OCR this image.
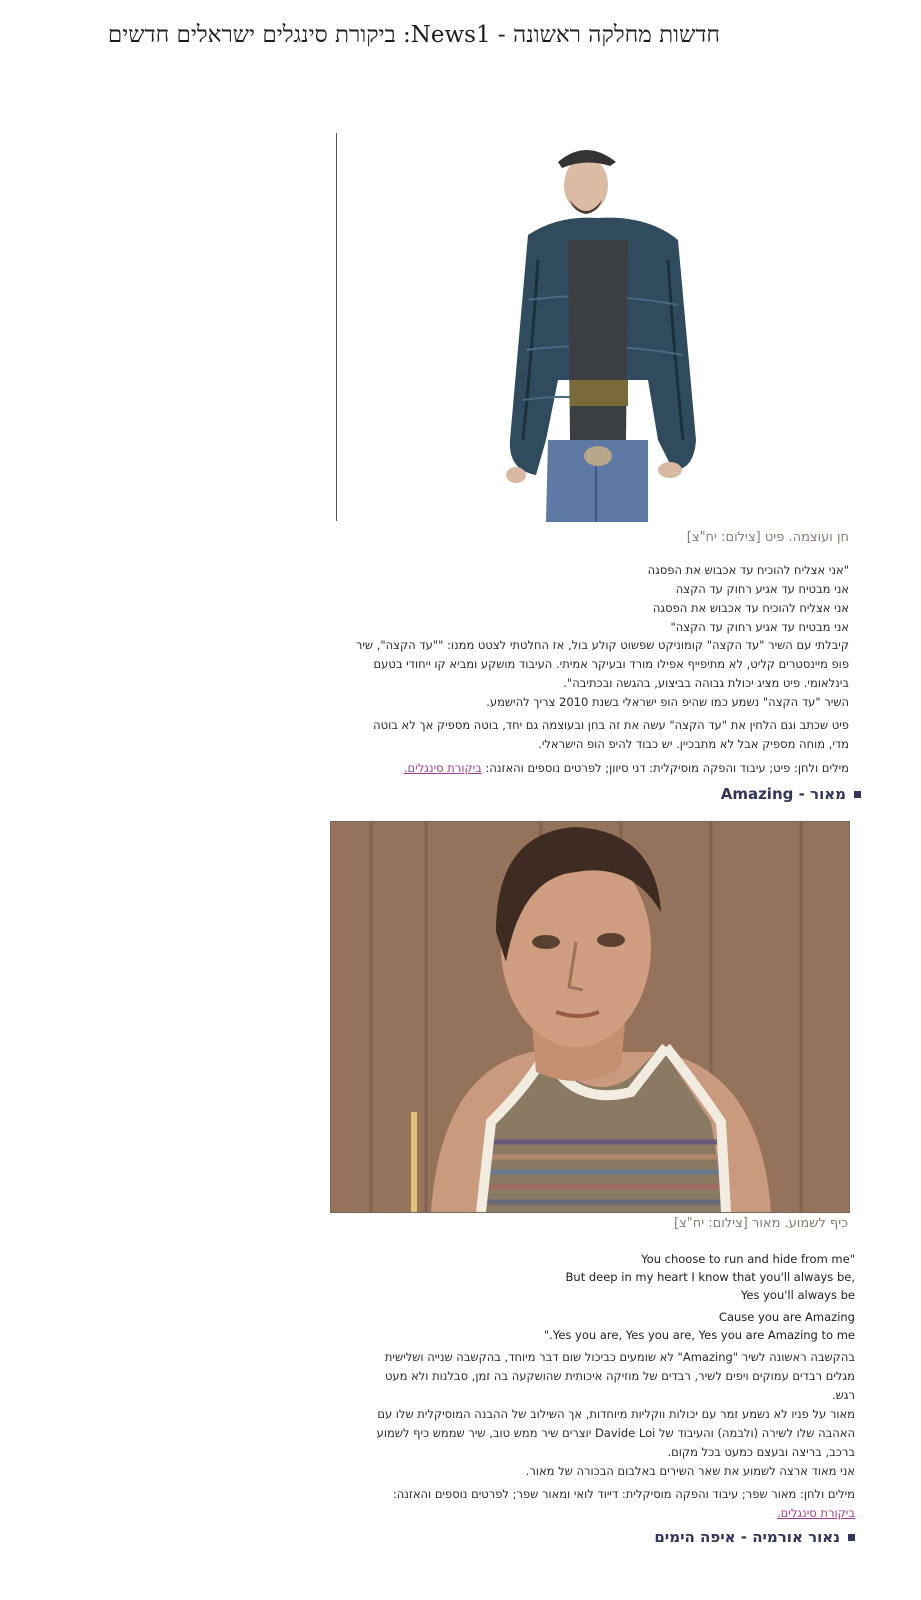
חדשות מחלקה ראשונה - News1: ביקורת סינגלים ישראלים חדשים
חן ועוצמה. פיט [צילום: יח"צ]
"אני אצליח להוכיח עד אכבוש את הפסגה
אני מבטיח עד אגיע רחוק עד הקצה
אני אצליח להוכיח עד אכבוש את הפסגה
אני מבטיח עד אגיע רחוק עד הקצה"
קיבלתי עם השיר "עד הקצה" קומוניקט שפשוט קולע בול, אז החלטתי לצטט ממנו: ""עד הקצה", שיר
פופ מיינסטרים קליט, לא מתיפייף אפילו מורד ובעיקר אמיתי. העיבוד מושקע ומביא קו ייחודי בטעם
בינלאומי. פיט מציג יכולת גבוהה בביצוע, בהגשה ובכתיבה".
השיר "עד הקצה" נשמע כמו שהיפ הופ ישראלי בשנת 2010 צריך להישמע.
פיט שכתב וגם הלחין את "עד הקצה" עשה את זה בחן ובעוצמה גם יחד, בוטה מספיק אך לא בוטה
מדי, מוחה מספיק אבל לא מתבכיין. יש כבוד להיפ הופ הישראלי.
מילים ולחן: פיט; עיבוד והפקה מוסיקלית: דני סיוון; לפרטים נוספים והאזנה: ביקורת סינגלים.
מאור - Amazing
כיף לשמוע. מאור [צילום: יח"צ]
You choose to run and hide from me"
But deep in my heart I know that you'll always be,
Yes you'll always be
Cause you are Amazing
".Yes you are, Yes you are, Yes you are Amazing to me
בהקשבה ראשונה לשיר "Amazing" לא שומעים כביכול שום דבר מיוחד, בהקשבה שנייה ושלישית
מגלים רבדים עמוקים ויפים לשיר, רבדים של מוזיקה איכותית שהושקעה בה זמן, סבלנות ולא מעט
רגש.
מאור על פניו לא נשמע זמר עם יכולות ווקליות מיוחדות, אך השילוב של ההבנה המוסיקלית שלו עם
האהבה שלו לשירה (ולבמה) והעיבוד של Davide Loi יוצרים שיר ממש טוב, שיר שממש כיף לשמוע
ברכב, בריצה ובעצם כמעט בכל מקום.
אני מאוד ארצה לשמוע את שאר השירים באלבום הבכורה של מאור.
מילים ולחן: מאור שפר; עיבוד והפקה מוסיקלית: דייוד לואי ומאור שפר; לפרטים נוספים והאזנה:
ביקורת סינגלים.
נאור אורמיה - איפה הימים
